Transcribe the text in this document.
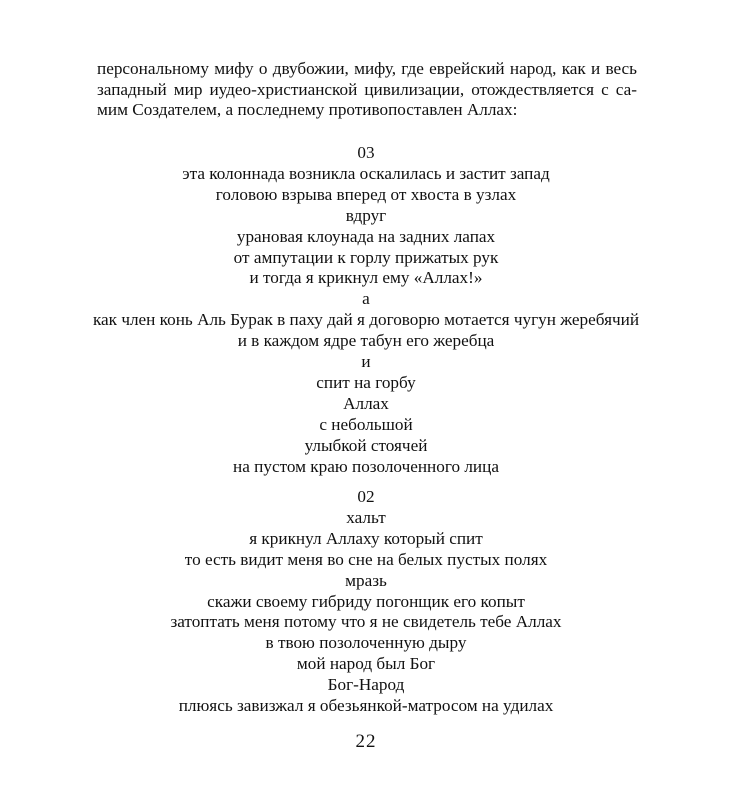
персональному мифу о двубожии, мифу, где еврейский народ, как и весь
западный мир иудео-христианской цивилизации, отождествляется с са-
мим Создателем, а последнему противопоставлен Аллах:
03
эта колоннада возникла оскалилась и застит запад
головою взрыва вперед от хвоста в узлах
вдруг
урановая клоунада на задних лапах
от ампутации к горлу прижатых рук
и тогда я крикнул ему «Аллах!»
а
как член конь Аль Бурак в паху дай я договорю мотается чугун жеребячий
и в каждом ядре табун его жеребца
и
спит на горбу
Аллах
с небольшой
улыбкой стоячей
на пустом краю позолоченного лица
02
хальт
я крикнул Аллаху который спит
то есть видит меня во сне на белых пустых полях
мразь
скажи своему гибриду погонщик его копыт
затоптать меня потому что я не свидетель тебе Аллах
в твою позолоченную дыру
мой народ был Бог
Бог-Народ
плюясь завизжал я обезьянкой-матросом на удилах
22
